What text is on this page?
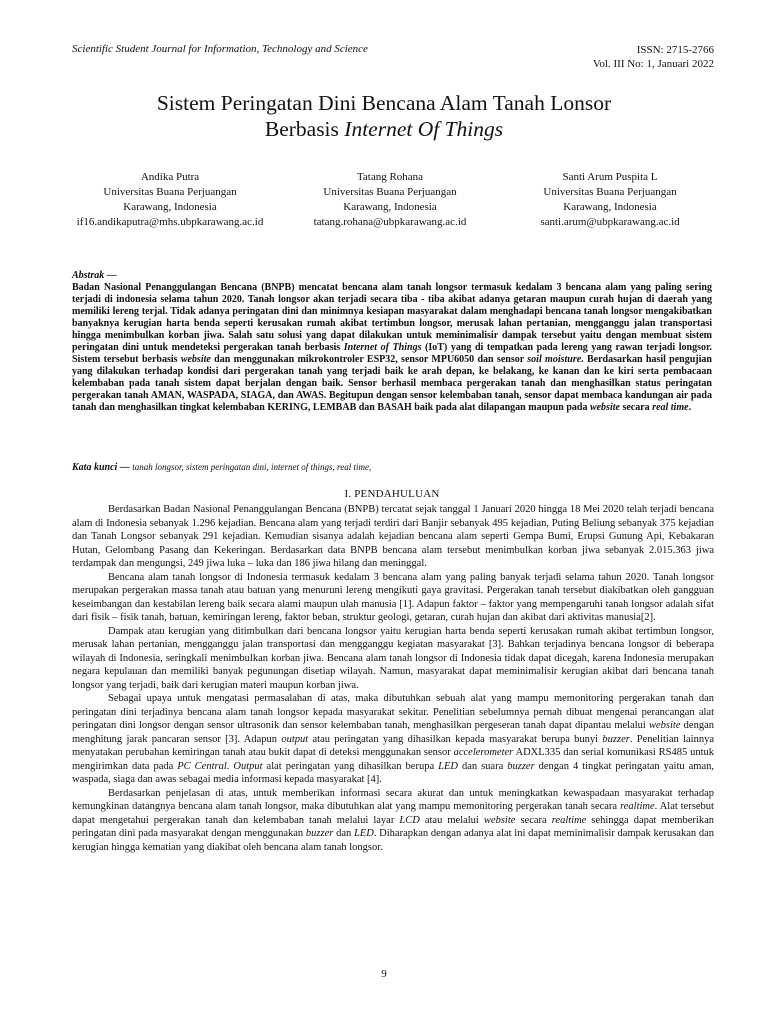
Scientific Student Journal for Information, Technology and Science	ISSN: 2715-2766
Vol. III No: 1, Januari 2022
Sistem Peringatan Dini Bencana Alam Tanah Lonsor
Berbasis Internet Of Things
Andika Putra
Universitas Buana Perjuangan
Karawang, Indonesia
if16.andikaputra@mhs.ubpkarawang.ac.id
Tatang Rohana
Universitas Buana Perjuangan
Karawang, Indonesia
tatang.rohana@ubpkarawang.ac.id
Santi Arum Puspita L
Universitas Buana Perjuangan
Karawang, Indonesia
santi.arum@ubpkarawang.ac.id
Abstrak —
Badan Nasional Penanggulangan Bencana (BNPB) mencatat bencana alam tanah longsor termasuk kedalam 3 bencana alam yang paling sering terjadi di indonesia selama tahun 2020. Tanah longsor akan terjadi secara tiba - tiba akibat adanya getaran maupun curah hujan di daerah yang memiliki lereng terjal. Tidak adanya peringatan dini dan minimnya kesiapan masyarakat dalam menghadapi bencana tanah longsor mengakibatkan banyaknya kerugian harta benda seperti kerusakan rumah akibat tertimbun longsor, merusak lahan pertanian, mengganggu jalan transportasi hingga menimbulkan korban jiwa. Salah satu solusi yang dapat dilakukan untuk meminimalisir dampak tersebut yaitu dengan membuat sistem peringatan dini untuk mendeteksi pergerakan tanah berbasis Internet of Things (IoT) yang di tempatkan pada lereng yang rawan terjadi longsor. Sistem tersebut berbasis website dan menggunakan mikrokontroler ESP32, sensor MPU6050 dan sensor soil moisture. Berdasarkan hasil pengujian yang dilakukan terhadap kondisi dari pergerakan tanah yang terjadi baik ke arah depan, ke belakang, ke kanan dan ke kiri serta pembacaan kelembaban pada tanah sistem dapat berjalan dengan baik. Sensor berhasil membaca pergerakan tanah dan menghasilkan status peringatan pergerakan tanah AMAN, WASPADA, SIAGA, dan AWAS. Begitupun dengan sensor kelembaban tanah, sensor dapat membaca kandungan air pada tanah dan menghasilkan tingkat kelembaban KERING, LEMBAB dan BASAH baik pada alat dilapangan maupun pada website secara real time.
Kata kunci — tanah longsor, sistem peringatan dini, internet of things, real time,
I. PENDAHULUAN

Berdasarkan Badan Nasional Penanggulangan Bencana (BNPB) tercatat sejak tanggal 1 Januari 2020 hingga 18 Mei 2020 telah terjadi bencana alam di Indonesia sebanyak 1.296 kejadian. Bencana alam yang terjadi terdiri dari Banjir sebanyak 495 kejadian, Puting Beliung sebanyak 375 kejadian dan Tanah Longsor sebanyak 291 kejadian. Kemudian sisanya adalah kejadian bencana alam seperti Gempa Bumi, Erupsi Gunung Api, Kebakaran Hutan, Gelombang Pasang dan Kekeringan. Berdasarkan data BNPB bencana alam tersebut menimbulkan korban jiwa sebanyak 2.015.363 jiwa terdampak dan mengungsi, 249 jiwa luka – luka dan 186 jiwa hilang dan meninggal.

Bencana alam tanah longsor di Indonesia termasuk kedalam 3 bencana alam yang paling banyak terjadi selama tahun 2020. Tanah longsor merupakan pergerakan massa tanah atau batuan yang menuruni lereng mengikuti gaya gravitasi. Pergerakan tanah tersebut diakibatkan oleh gangguan keseimbangan dan kestabilan lereng baik secara alami maupun ulah manusia [1]. Adapun faktor – faktor yang mempengaruhi tanah longsor adalah sifat dari fisik – fisik tanah, batuan, kemiringan lereng, faktor beban, struktur geologi, getaran, curah hujan dan akibat dari aktivitas manusia[2].

Dampak atau kerugian yang ditimbulkan dari bencana longsor yaitu kerugian harta benda seperti kerusakan rumah akibat tertimbun longsor, merusak lahan pertanian, mengganggu jalan transportasi dan mengganggu kegiatan masyarakat [3]. Bahkan terjadinya bencana longsor di beberapa wilayah di Indonesia, seringkali menimbulkan korban jiwa. Bencana alam tanah longsor di Indonesia tidak dapat dicegah, karena Indonesia merupakan negara kepulauan dan memiliki banyak pegunungan disetiap wilayah. Namun, masyarakat dapat meminimalisir kerugian akibat dari bencana tanah longsor yang terjadi, baik dari kerugian materi maupun korban jiwa.

Sebagai upaya untuk mengatasi permasalahan di atas, maka dibutuhkan sebuah alat yang mampu memonitoring pergerakan tanah dan peringatan dini terjadinya bencana alam tanah longsor kepada masyarakat sekitar. Penelitian sebelumnya pernah dibuat mengenai perancangan alat peringatan dini longsor dengan sensor ultrasonik dan sensor kelembaban tanah, menghasilkan pergeseran tanah dapat dipantau melalui website dengan menghitung jarak pancaran sensor [3]. Adapun output atau peringatan yang dihasilkan kepada masyarakat berupa bunyi buzzer. Penelitian lainnya menyatakan perubahan kemiringan tanah atau bukit dapat di deteksi menggunakan sensor accelerometer ADXL335 dan serial komunikasi RS485 untuk mengirimkan data pada PC Central. Output alat peringatan yang dihasilkan berupa LED dan suara buzzer dengan 4 tingkat peringatan yaitu aman, waspada, siaga dan awas sebagai media informasi kepada masyarakat [4].

Berdasarkan penjelasan di atas, untuk memberikan informasi secara akurat dan untuk meningkatkan kewaspadaan masyarakat terhadap kemungkinan datangnya bencana alam tanah longsor, maka dibutuhkan alat yang mampu memonitoring pergerakan tanah secara realtime. Alat tersebut dapat mengetahui pergerakan tanah dan kelembaban tanah melalui layar LCD atau melalui website secara realtime sehingga dapat memberikan peringatan dini pada masyarakat dengan menggunakan buzzer dan LED. Diharapkan dengan adanya alat ini dapat meminimalisir dampak kerusakan dan kerugian hingga kematian yang diakibat oleh bencana alam tanah longsor.

9
